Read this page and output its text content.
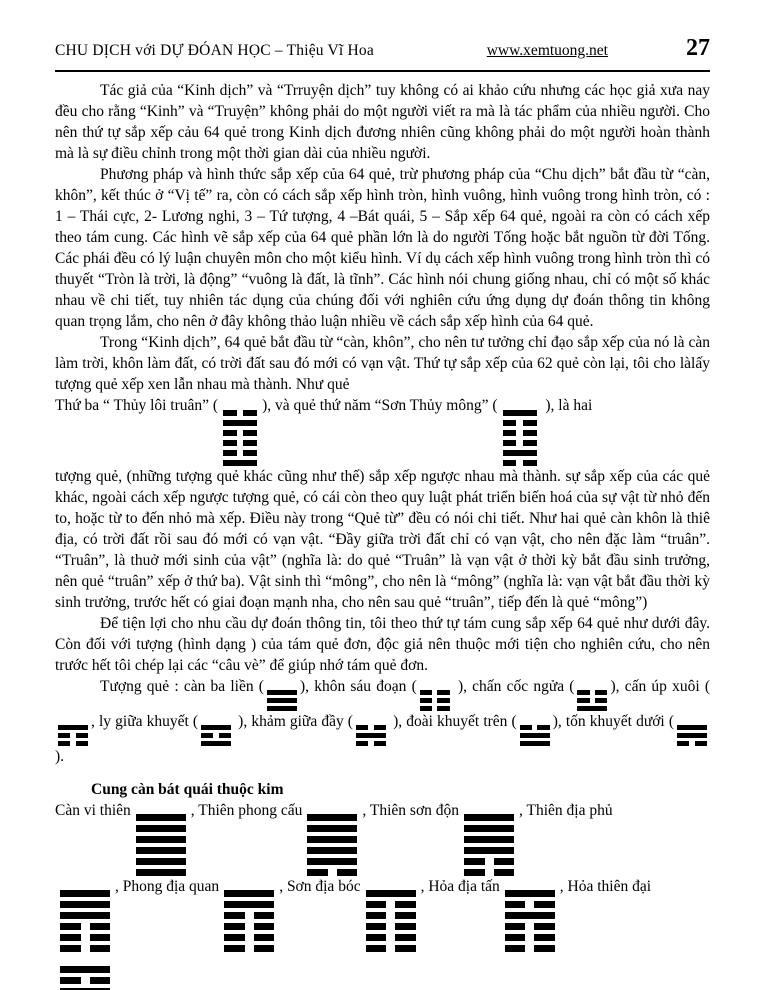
CHU DỊCH với DỰ ĐÓAN HỌC – Thiệu Vĩ Hoa	www.xemtuong.net	27

Tác giả của “Kinh dịch” và “Trruyện dịch” tuy không có ai khảo cứu nhưng các học giả xưa nay đều cho rằng “Kinh” và “Truyện” không phải do một người viết ra mà là tác phẩm của nhiều người. Cho nên thứ tự sắp xếp cảu 64 quẻ trong Kinh dịch đương nhiên cũng không phải do một người hoàn thành mà là sự điều chỉnh trong một thời gian dài của nhiều người.

Phương pháp và hình thức sắp xếp của 64 quẻ, trừ phương pháp của “Chu dịch” bắt đầu từ “càn, khôn”, kết thúc ở “Vị tế” ra, còn có cách sắp xếp hình tròn, hình vuông, hình vuông trong hình tròn, có : 1 – Thái cực, 2- Lương nghi, 3 – Tứ tượng, 4 –Bát quái, 5 – Sắp xếp 64 quẻ, ngoài ra còn có cách xếp theo tám cung. Các hình vẽ sắp xếp của 64 quẻ phần lớn là do người Tống hoặc bắt nguồn từ đời Tống. Các phái đều có lý luận chuyên môn cho một kiểu hình. Ví dụ cách xếp hình vuông trong hình tròn thì có thuyết “Tròn là trời, là động” “vuông là đất, là tĩnh”. Các hình nói chung giống nhau, chỉ có một số khác nhau về chi tiết, tuy nhiên tác dụng của chúng đối với nghiên cứu ứng dụng dự đoán thông tin không quan trọng lắm, cho nên ở đây không thảo luận nhiều về cách sắp xếp hình của 64 quẻ.

Trong “Kinh dịch”, 64 quẻ bắt đầu từ “càn, khôn”, cho nên tư tưởng chỉ đạo sắp xếp của nó là càn làm trời, khôn làm đất, có trời đất sau đó mới có vạn vật. Thứ tự sắp xếp của 62 quẻ còn lại, tôi cho làlấy tượng quẻ xếp xen lẫn nhau mà thành. Như quẻ

Thứ ba “ Thủy lôi truân” (	), và quẻ thứ năm “Sơn Thủy mông” (	), là hai

tượng quẻ, (những tượng quẻ khác cũng như thế) sắp xếp ngược nhau mà thành. sự sắp xếp của các quẻ khác, ngoài cách xếp ngược tượng quẻ, có cái còn theo quy luật phát triển biến hoá của sự vật từ nhỏ đến to, hoặc từ to đến nhỏ mà xếp. Điều này trong “Quẻ từ” đều có nói chi tiết. Như hai quẻ càn khôn là thiê địa, có trời đất rồi sau đó mới có vạn vật. “Đầy giữa trời đất chỉ có vạn vật, cho nên đặc làm “truân”. “Truân”, là thuở mới sinh của vật” (nghĩa là: do quẻ “Truân” là vạn vật ở thời kỳ bắt đầu sinh trưởng, nên quẻ “truân” xếp ở thứ ba). Vật sinh thì “mông”, cho nên là “mông” (nghĩa là: vạn vật bắt đầu thời kỳ sinh trưởng, trước hết có giai đoạn mạnh nha, cho nên sau quẻ “truân”, tiếp đến là quẻ “mông”)

Để tiện lợi cho nhu cầu dự đoán thông tin, tôi theo thứ tự tám cung sắp xếp 64 quẻ như dưới đây. Còn đối với tượng (hình dạng ) của tám quẻ đơn, độc giả nên thuộc mới tiện cho nghiên cứu, cho nên trước hết tôi chép lại các “câu vè” để giúp nhớ tám quẻ đơn.

Tượng quẻ : càn ba liền ( ), khôn sáu đoạn (
), chấn cốc ngửa ( ), cấn úp xuôi (
, ly giữa khuyết (
), khảm giữa đầy (
), đoài khuyết trên ( ), tốn khuyết dưới (
).

Cung càn bát quái thuộc kim

Càn vi thiên	, Thiên phong cấu	, Thiên sơn độn	, Thiên địa phủ

, Phong địa quan	, Sơn địa bóc	, Hỏa địa tấn	, Hỏa thiên đại
